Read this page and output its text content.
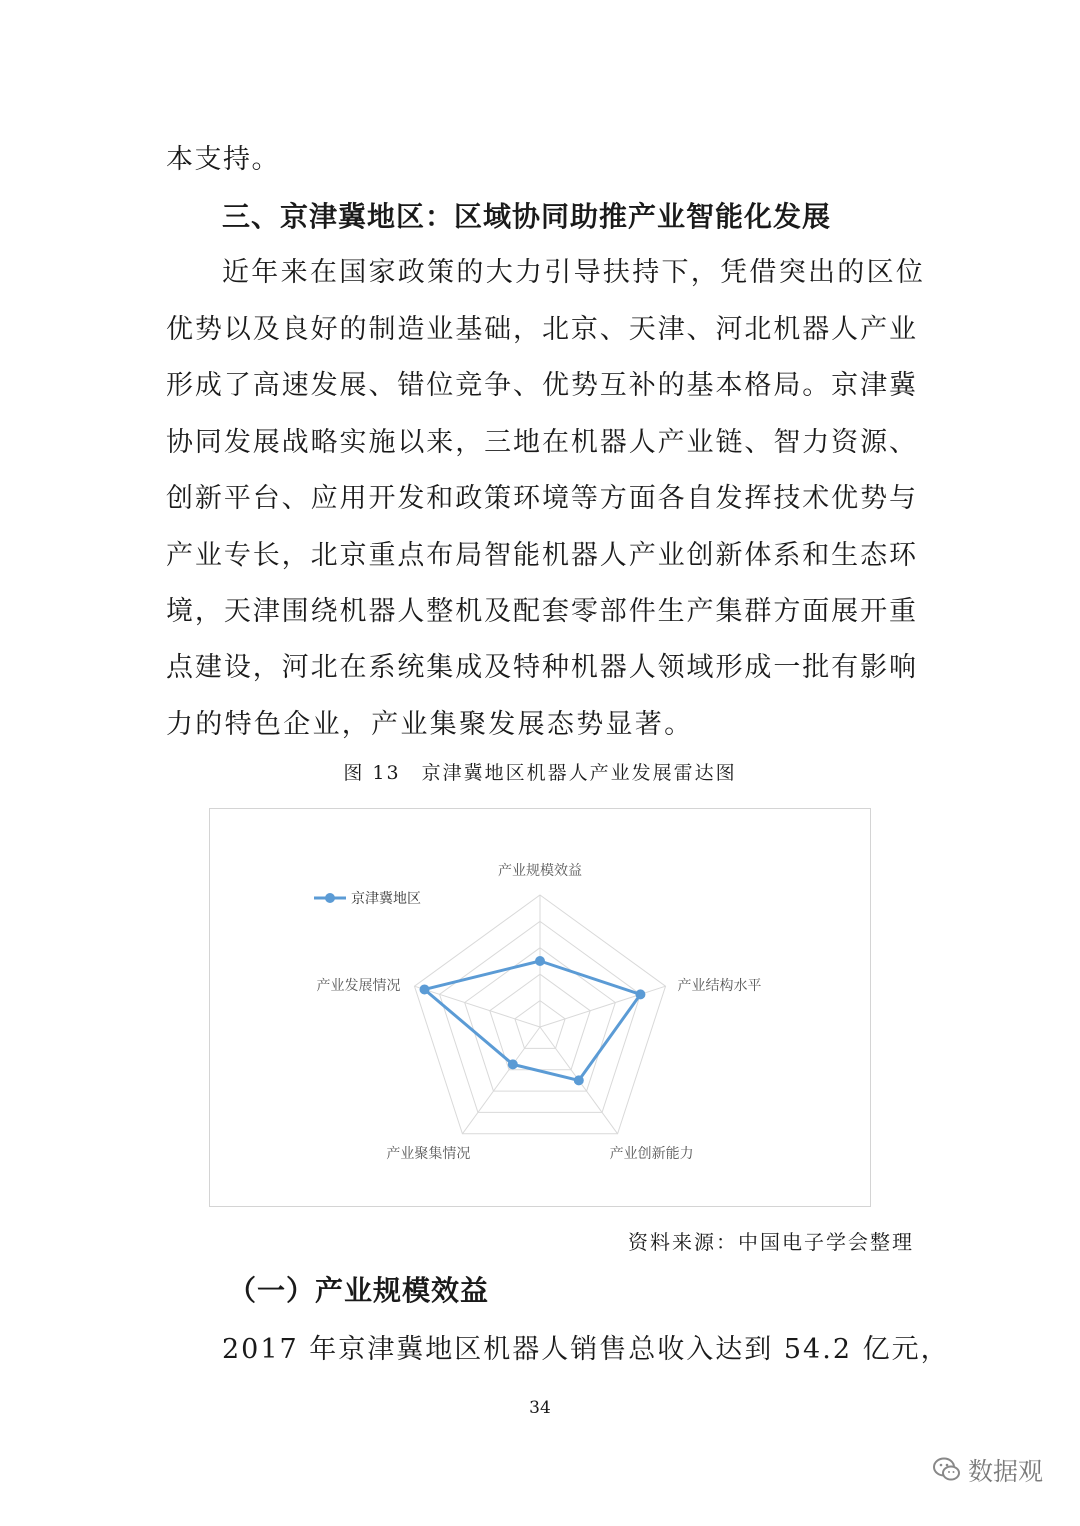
本支持。
三、京津冀地区：区域协同助推产业智能化发展
近年来在国家政策的大力引导扶持下，凭借突出的区位
优势以及良好的制造业基础，北京、天津、河北机器人产业
形成了高速发展、错位竞争、优势互补的基本格局。京津冀
协同发展战略实施以来，三地在机器人产业链、智力资源、
创新平台、应用开发和政策环境等方面各自发挥技术优势与
产业专长，北京重点布局智能机器人产业创新体系和生态环
境，天津围绕机器人整机及配套零部件生产集群方面展开重
点建设，河北在系统集成及特种机器人领域形成一批有影响
力的特色企业，产业集聚发展态势显著。
图 13　京津冀地区机器人产业发展雷达图
产业规模效益
产业结构水平
产业创新能力
产业聚集情况
产业发展情况
京津冀地区
资料来源：中国电子学会整理
（一）产业规模效益
2017 年京津冀地区机器人销售总收入达到 54.2 亿元，
34
数据观
